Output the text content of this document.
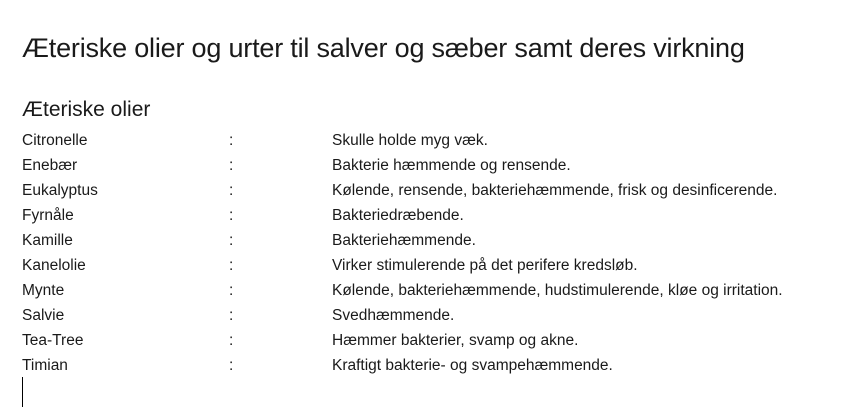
Æteriske olier og urter til salver og sæber samt deres virkning
Æteriske olier
Citronelle	:	Skulle holde myg væk.
Enebær	:	Bakterie hæmmende og rensende.
Eukalyptus	:	Kølende, rensende, bakteriehæmmende, frisk og desinficerende.
Fyrnåle	:	Bakteriedræbende.
Kamille	:	Bakteriehæmmende.
Kanelolie	:	Virker stimulerende på det perifere kredsløb.
Mynte	:	Kølende, bakteriehæmmende, hudstimulerende, kløe og irritation.
Salvie	:	Svedhæmmende.
Tea-Tree	:	Hæmmer bakterier, svamp og akne.
Timian	:	Kraftigt bakterie- og svampehæmmende.
